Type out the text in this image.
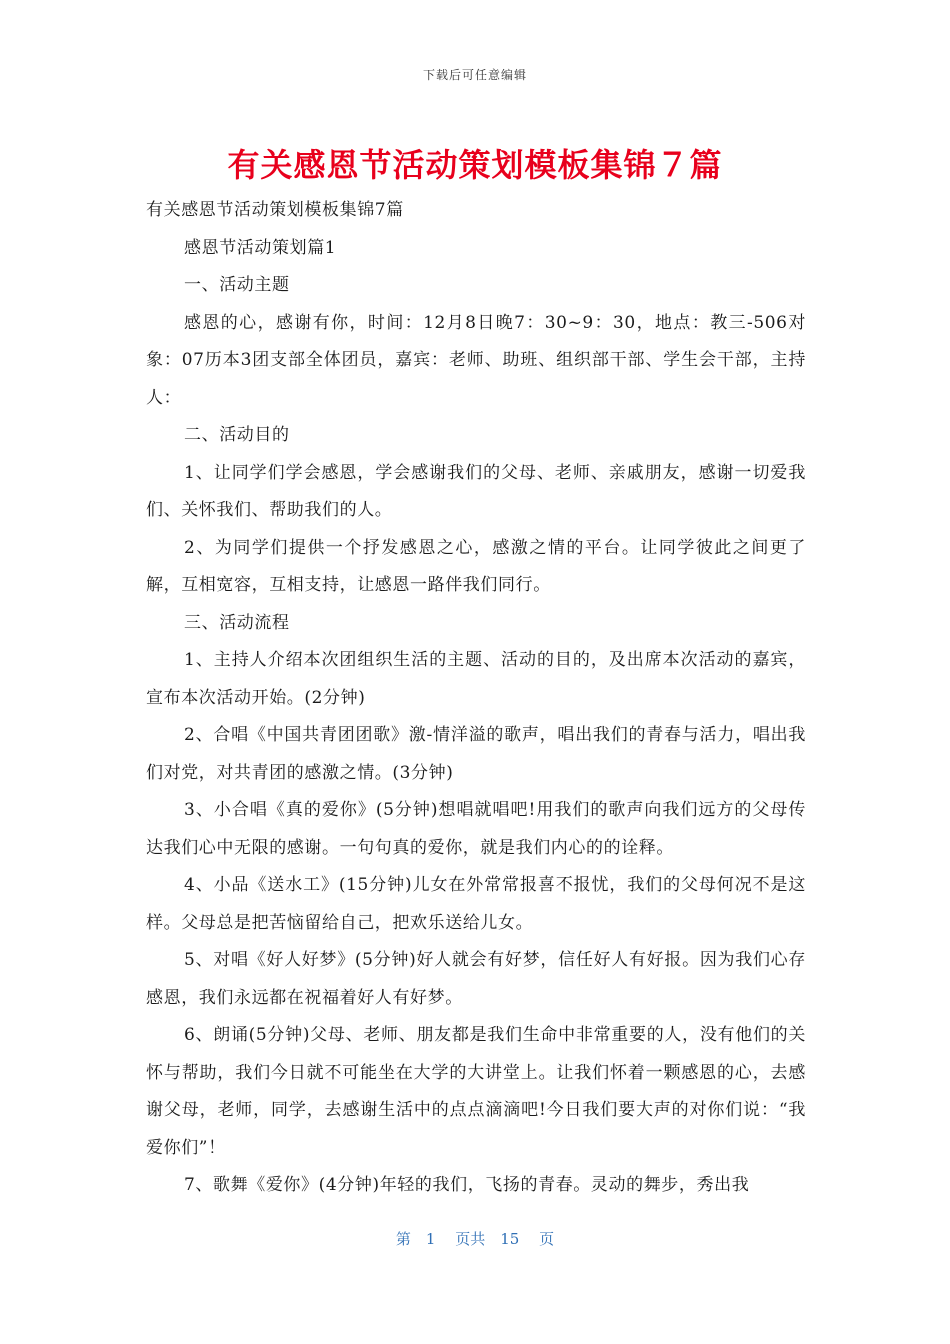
下载后可任意编辑
有关感恩节活动策划模板集锦７篇

有关感恩节活动策划模板集锦7篇

感恩节活动策划篇1

一、活动主题

感恩的心，感谢有你，时间：12月8日晚7：30~9：30，地点：教三-506对象：07历本3团支部全体团员，嘉宾：老师、助班、组织部干部、学生会干部，主持人：

二、活动目的

1、让同学们学会感恩，学会感谢我们的父母、老师、亲戚朋友，感谢一切爱我们、关怀我们、帮助我们的人。

2、为同学们提供一个抒发感恩之心，感激之情的平台。让同学彼此之间更了解，互相宽容，互相支持，让感恩一路伴我们同行。

三、活动流程

1、主持人介绍本次团组织生活的主题、活动的目的，及出席本次活动的嘉宾，宣布本次活动开始。(2分钟)

2、合唱《中国共青团团歌》激-情洋溢的歌声，唱出我们的青春与活力，唱出我们对党，对共青团的感激之情。(3分钟)

3、小合唱《真的爱你》(5分钟)想唱就唱吧!用我们的歌声向我们远方的父母传达我们心中无限的感谢。一句句真的爱你，就是我们内心的的诠释。

4、小品《送水工》(15分钟)儿女在外常常报喜不报忧，我们的父母何况不是这样。父母总是把苦恼留给自己，把欢乐送给儿女。

5、对唱《好人好梦》(5分钟)好人就会有好梦，信任好人有好报。因为我们心存感恩，我们永远都在祝福着好人有好梦。

6、朗诵(5分钟)父母、老师、朋友都是我们生命中非常重要的人，没有他们的关怀与帮助，我们今日就不可能坐在大学的大讲堂上。让我们怀着一颗感恩的心，去感谢父母，老师，同学，去感谢生活中的点点滴滴吧!今日我们要大声的对你们说：“我爱你们”！

7、歌舞《爱你》(4分钟)年轻的我们，飞扬的青春。灵动的舞步，秀出我

第　1　 页共　15　 页
